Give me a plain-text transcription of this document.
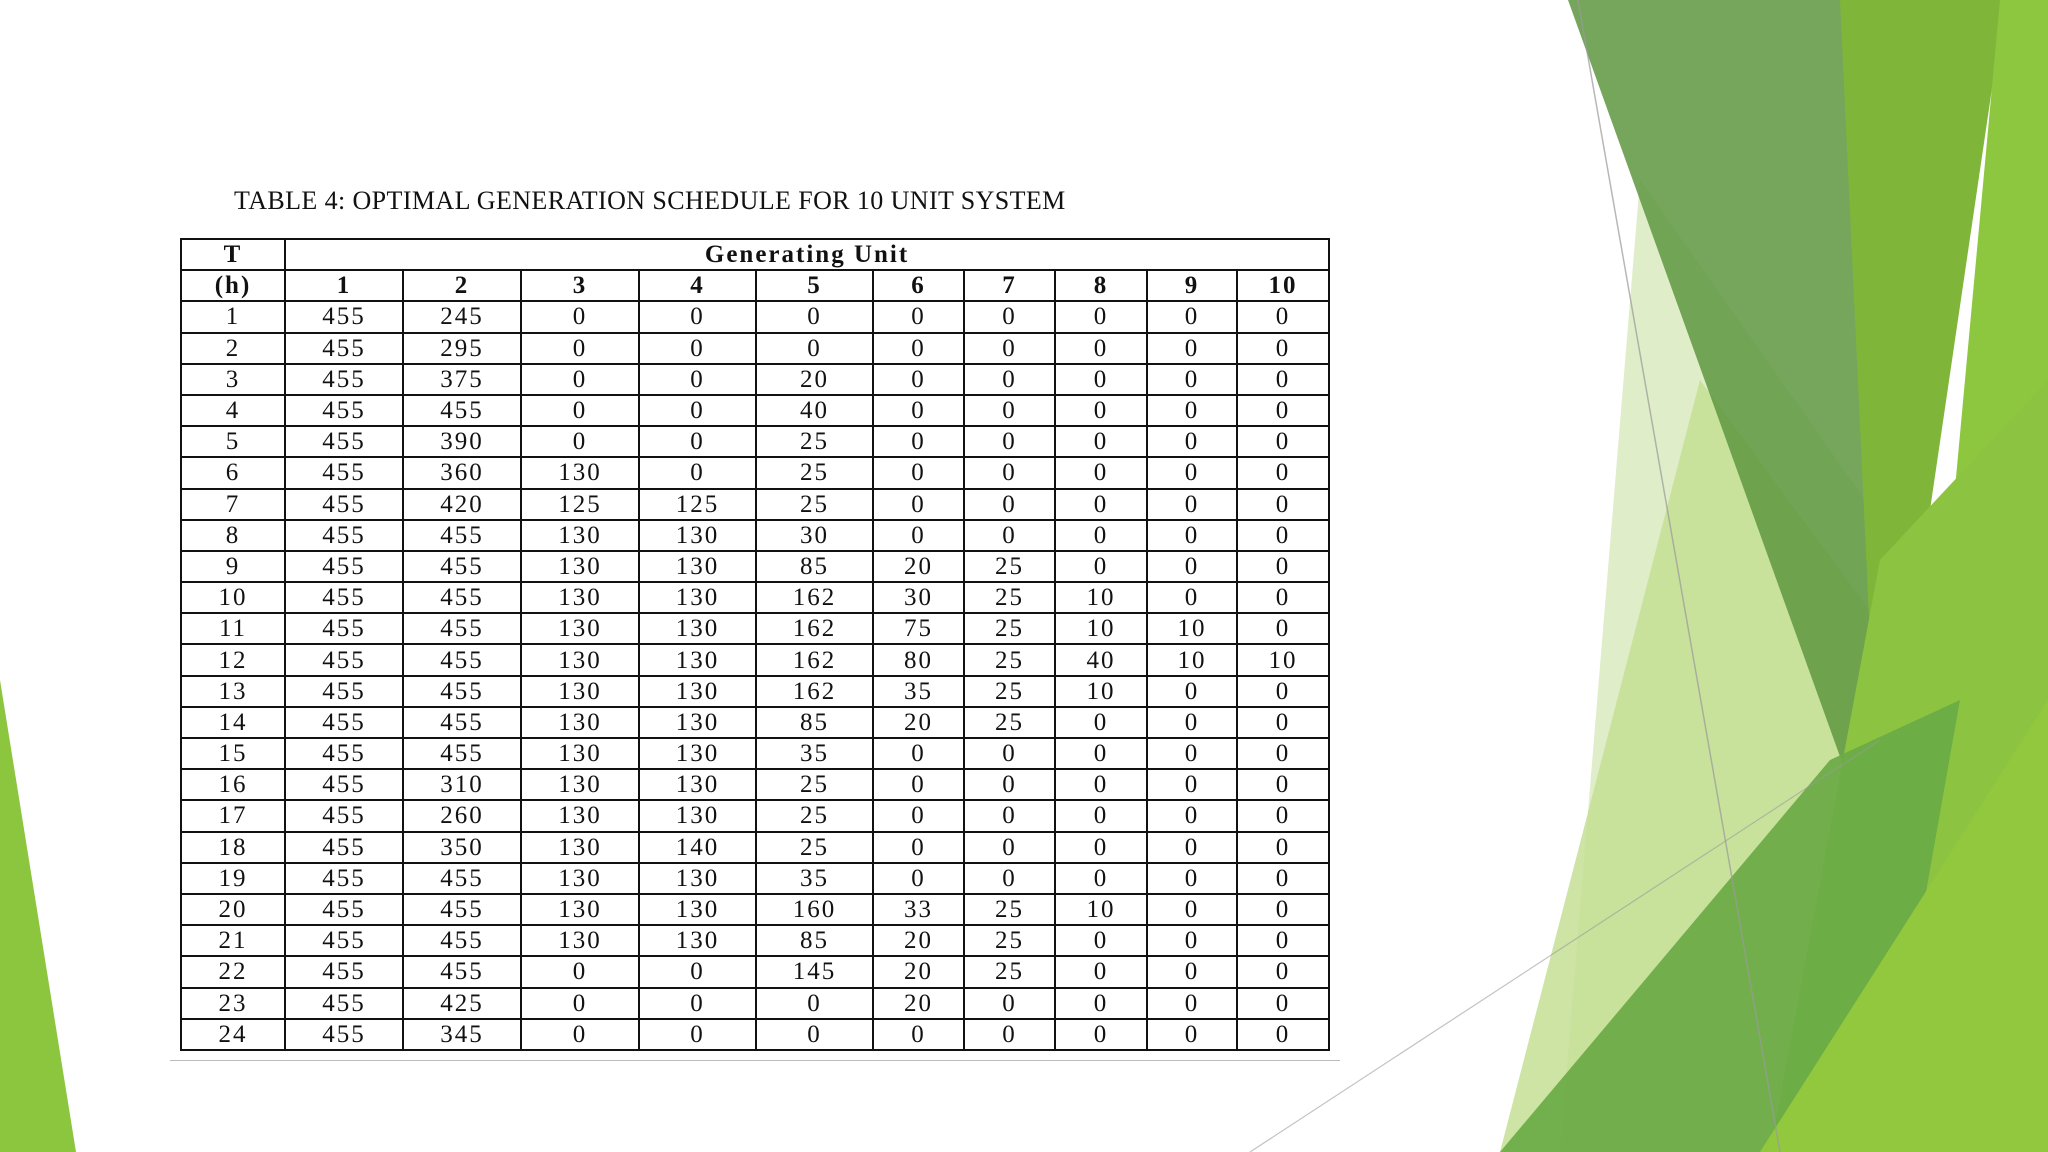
TABLE 4: OPTIMAL GENERATION SCHEDULE FOR 10 UNIT SYSTEM
T	Generating Unit									
(h)	1	2	3	4	5	6	7	8	9	10
1	455	245	0	0	0	0	0	0	0	0
2	455	295	0	0	0	0	0	0	0	0
3	455	375	0	0	20	0	0	0	0	0
4	455	455	0	0	40	0	0	0	0	0
5	455	390	0	0	25	0	0	0	0	0
6	455	360	130	0	25	0	0	0	0	0
7	455	420	125	125	25	0	0	0	0	0
8	455	455	130	130	30	0	0	0	0	0
9	455	455	130	130	85	20	25	0	0	0
10	455	455	130	130	162	30	25	10	0	0
11	455	455	130	130	162	75	25	10	10	0
12	455	455	130	130	162	80	25	40	10	10
13	455	455	130	130	162	35	25	10	0	0
14	455	455	130	130	85	20	25	0	0	0
15	455	455	130	130	35	0	0	0	0	0
16	455	310	130	130	25	0	0	0	0	0
17	455	260	130	130	25	0	0	0	0	0
18	455	350	130	140	25	0	0	0	0	0
19	455	455	130	130	35	0	0	0	0	0
20	455	455	130	130	160	33	25	10	0	0
21	455	455	130	130	85	20	25	0	0	0
22	455	455	0	0	145	20	25	0	0	0
23	455	425	0	0	0	20	0	0	0	0
24	455	345	0	0	0	0	0	0	0	0
